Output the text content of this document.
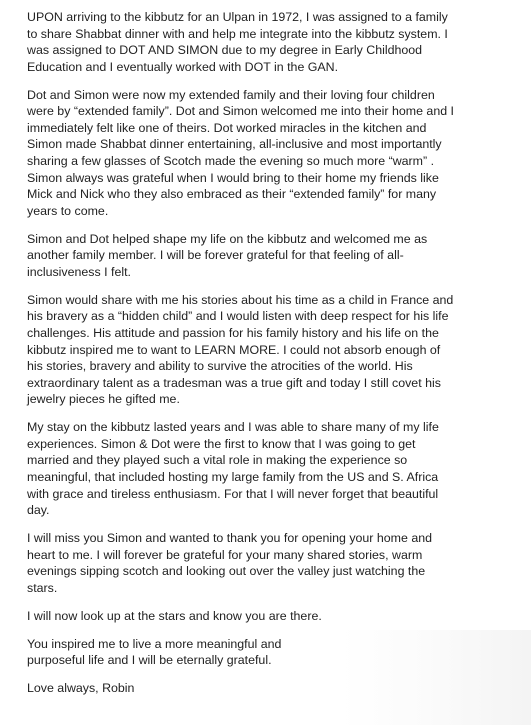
UPON arriving to the kibbutz for an Ulpan in 1972, I was assigned to a family
to share Shabbat dinner with and help me integrate into the kibbutz system. I
was assigned to DOT AND SIMON due to my degree in Early Childhood
Education and I eventually worked with DOT in the GAN.

Dot and Simon were now my extended family and their loving four children
were by “extended family”. Dot and Simon welcomed me into their home and I
immediately felt like one of theirs. Dot worked miracles in the kitchen and
Simon made Shabbat dinner entertaining, all-inclusive and most importantly
sharing a few glasses of Scotch made the evening so much more “warm” .
Simon always was grateful when I would bring to their home my friends like
Mick and Nick who they also embraced as their “extended family” for many
years to come.

Simon and Dot helped shape my life on the kibbutz and welcomed me as
another family member. I will be forever grateful for that feeling of all-
inclusiveness I felt.

Simon would share with me his stories about his time as a child in France and
his bravery as a “hidden child” and I would listen with deep respect for his life
challenges. His attitude and passion for his family history and his life on the
kibbutz inspired me to want to LEARN MORE. I could not absorb enough of
his stories, bravery and ability to survive the atrocities of the world. His
extraordinary talent as a tradesman was a true gift and today I still covet his
jewelry pieces he gifted me.

My stay on the kibbutz lasted years and I was able to share many of my life
experiences. Simon & Dot were the first to know that I was going to get
married and they played such a vital role in making the experience so
meaningful, that included hosting my large family from the US and S. Africa
with grace and tireless enthusiasm. For that I will never forget that beautiful
day.

I will miss you Simon and wanted to thank you for opening your home and
heart to me. I will forever be grateful for your many shared stories, warm
evenings sipping scotch and looking out over the valley just watching the
stars.

I will now look up at the stars and know you are there.

You inspired me to live a more meaningful and
purposeful life and I will be eternally grateful.

Love always, Robin
